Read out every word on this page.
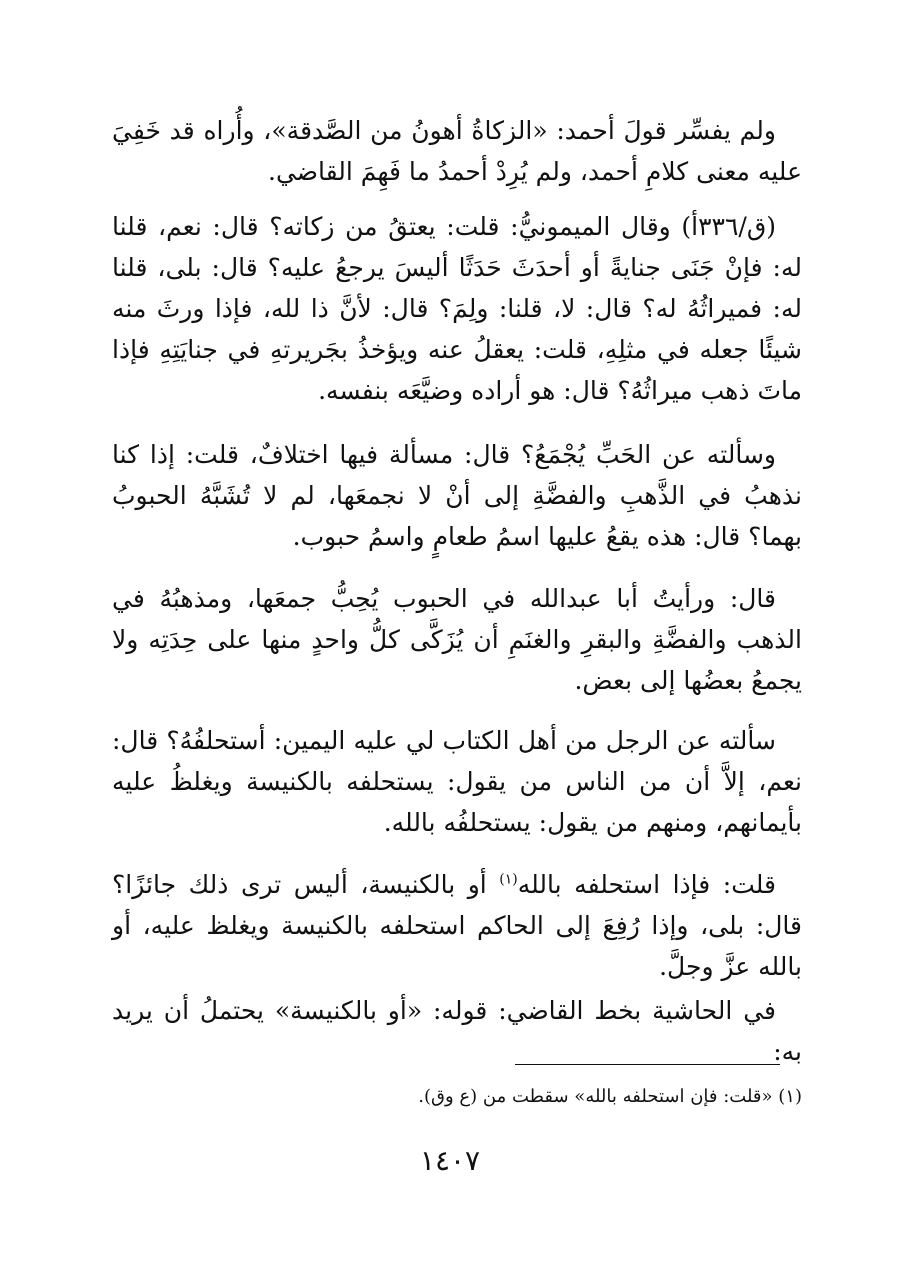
ولم يفسِّر قولَ أحمد: «الزكاةُ أهونُ من الصَّدقة»، وأُراه قد خَفِيَ عليه معنى كلامِ أحمد، ولم يُرِدْ أحمدُ ما فَهِمَ القاضي.

(ق/٣٣٦أ) وقال الميمونيُّ: قلت: يعتقُ من زكاته؟ قال: نعم، قلنا له: فإنْ جَنَى جنايةً أو أحدَثَ حَدَثًا أليسَ يرجعُ عليه؟ قال: بلى، قلنا له: فميراثُهُ له؟ قال: لا، قلنا: ولِمَ؟ قال: لأنَّ ذا لله، فإذا ورثَ منه شيئًا جعله في مثلِهِ، قلت: يعقلُ عنه ويؤخذُ بجَريرتهِ في جنايَتِهِ فإذا ماتَ ذهب ميراثُهُ؟ قال: هو أراده وضيَّعَه بنفسه.

وسألته عن الحَبِّ يُجْمَعُ؟ قال: مسألة فيها اختلافٌ، قلت: إذا كنا نذهبُ في الذَّهبِ والفضَّةِ إلى أنْ لا نجمعَها، لم لا تُشَبَّهُ الحبوبُ بهما؟ قال: هذه يقعُ عليها اسمُ طعامٍ واسمُ حبوب.

قال: ورأيتُ أبا عبدالله في الحبوب يُحِبُّ جمعَها، ومذهبُهُ في الذهب والفضَّةِ والبقرِ والغنَمِ أن يُزَكَّى كلُّ واحدٍ منها على حِدَتِه ولا يجمعُ بعضُها إلى بعض.

سألته عن الرجل من أهل الكتاب لي عليه اليمين: أستحلفُهُ؟ قال: نعم، إلاَّ أن من الناس من يقول: يستحلفه بالكنيسة ويغلظُ عليه بأيمانهم، ومنهم من يقول: يستحلفُه بالله.

قلت: فإذا استحلفه بالله$^{(١)}$ أو بالكنيسة، أليس ترى ذلك جائزًا؟ قال: بلى، وإذا رُفِعَ إلى الحاكم استحلفه بالكنيسة ويغلظ عليه، أو بالله عزَّ وجلَّ.

في الحاشية بخط القاضي: قوله: «أو بالكنيسة» يحتملُ أن يريد به:

(١) «قلت: فإن استحلفه بالله» سقطت من (ع وق).

١٤٠٧
